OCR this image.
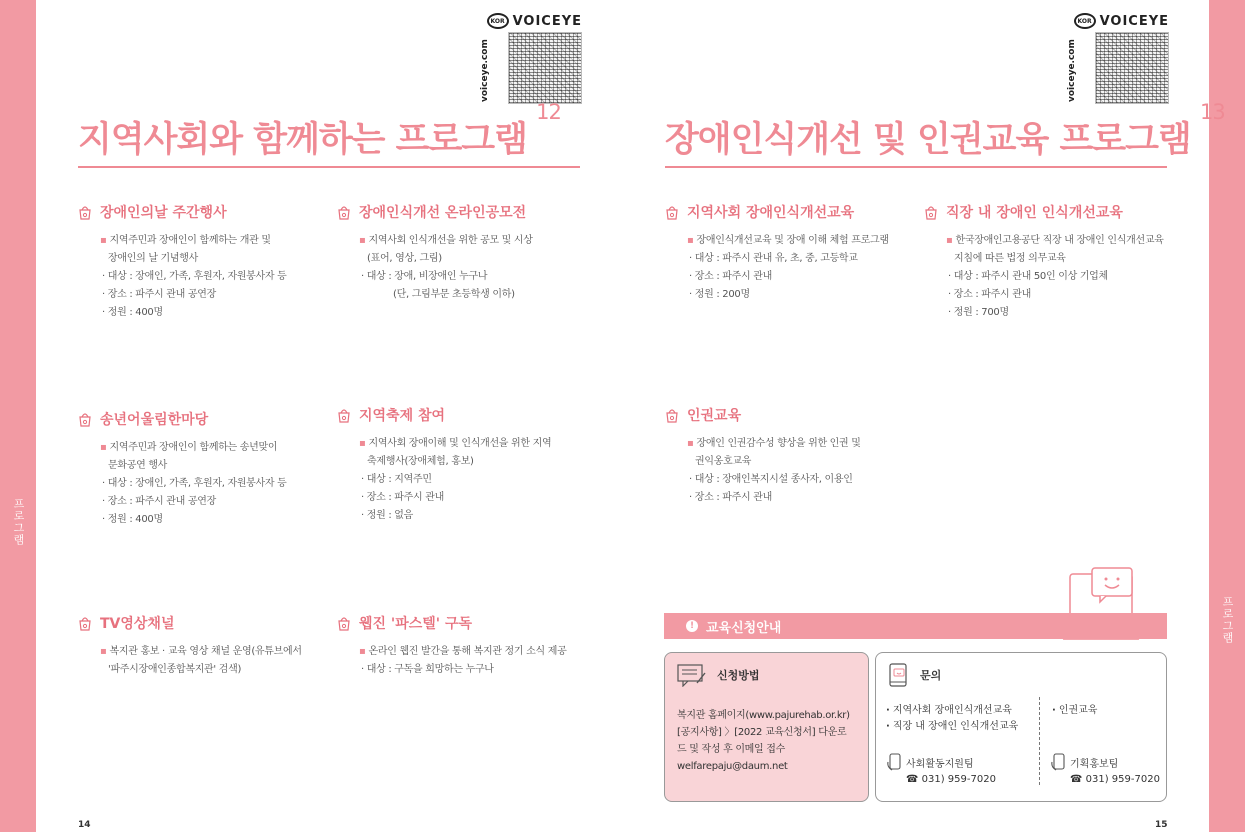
프로그램
프로그램
KOR VOICEYE
voiceye.com
KOR VOICEYE
voiceye.com
지역사회와 함께하는 프로그램
12
장애인식개선 및 인권교육 프로그램
13
장애인의날 주간행사
▪ 지역주민과 장애인이 함께하는 개관 및
장애인의 날 기념행사
· 대상 : 장애인, 가족, 후원자, 자원봉사자 등
· 장소 : 파주시 관내 공연장
· 정원 : 400명
장애인식개선 온라인공모전
▪ 지역사회 인식개선을 위한 공모 및 시상
(표어, 영상, 그림)
· 대상 : 장애, 비장애인 누구나
(단, 그림부문 초등학생 이하)
송년어울림한마당
▪ 지역주민과 장애인이 함께하는 송년맞이
문화공연 행사
· 대상 : 장애인, 가족, 후원자, 자원봉사자 등
· 장소 : 파주시 관내 공연장
· 정원 : 400명
지역축제 참여
▪ 지역사회 장애이해 및 인식개선을 위한 지역
축제행사(장애체험, 홍보)
· 대상 : 지역주민
· 장소 : 파주시 관내
· 정원 : 없음
TV영상채널
▪ 복지관 홍보 · 교육 영상 채널 운영(유튜브에서
'파주시장애인종합복지관' 검색)
웹진 '파스텔' 구독
▪ 온라인 웹진 발간을 통해 복지관 정기 소식 제공
· 대상 : 구독을 희망하는 누구나
지역사회 장애인식개선교육
▪ 장애인식개선교육 및 장애 이해 체험 프로그램
· 대상 : 파주시 관내 유, 초, 중, 고등학교
· 장소 : 파주시 관내
· 정원 : 200명
직장 내 장애인 인식개선교육
▪ 한국장애인고용공단 직장 내 장애인 인식개선교육
지침에 따른 법정 의무교육
· 대상 : 파주시 관내 50인 이상 기업체
· 장소 : 파주시 관내
· 정원 : 700명
인권교육
▪ 장애인 인권감수성 향상을 위한 인권 및
권익옹호교육
· 대상 : 장애인복지시설 종사자, 이용인
· 장소 : 파주시 관내
! 교육신청안내
신청방법
복지관 홈페이지(www.pajurehab.or.kr)
[공지사항] 〉[2022 교육신청서] 다운로
드 및 작성 후 이메일 접수
welfarepaju@daum.net
문의
· 지역사회 장애인식개선교육
· 직장 내 장애인 인식개선교육
· 인권교육
사회활동지원팀
☎ 031) 959-7020
기획홍보팀
☎ 031) 959-7020
14	15
